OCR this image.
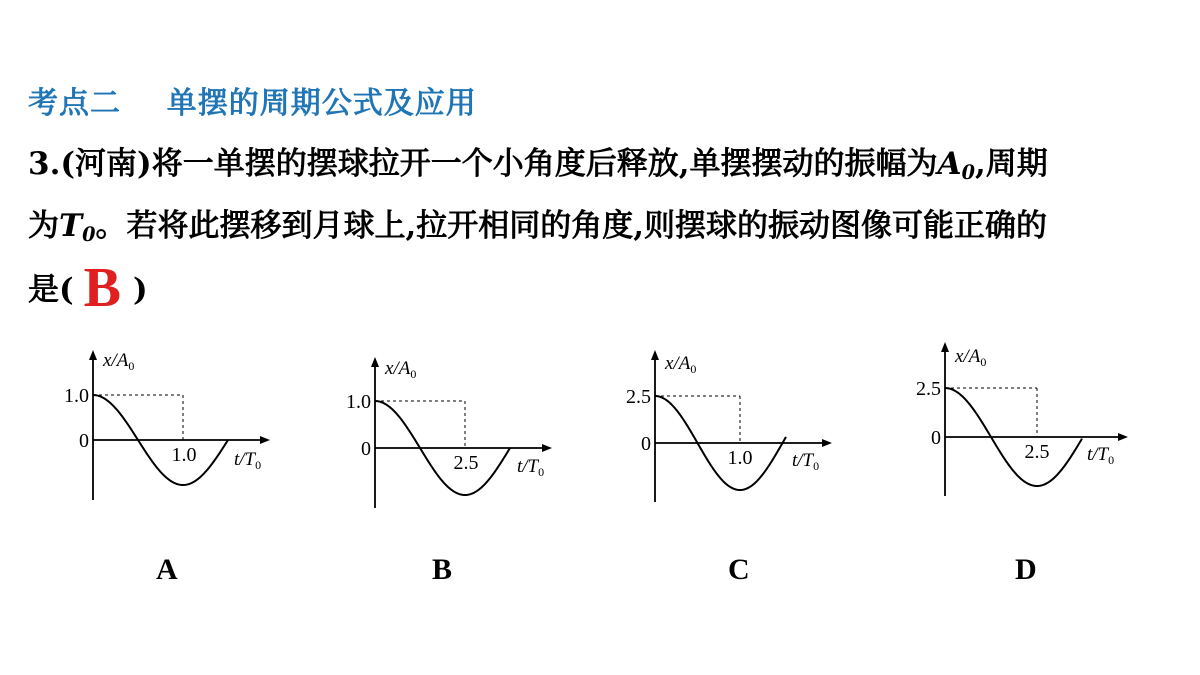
考点二    单摆的周期公式及应用
3.(河南)将一单摆的摆球拉开一个小角度后释放,单摆摆动的振幅为A0,周期
为T0。若将此摆移到月球上,拉开相同的角度,则摆球的振动图像可能正确的
是( B )
1.0
0
1.0
$x/A_0$
$t/T_0$
1.0
0
2.5
$x/A_0$
$t/T_0$
2.5
0
1.0
$x/A_0$
$t/T_0$
2.5
0
2.5
$x/A_0$
$t/T_0$
A	B	C	D
